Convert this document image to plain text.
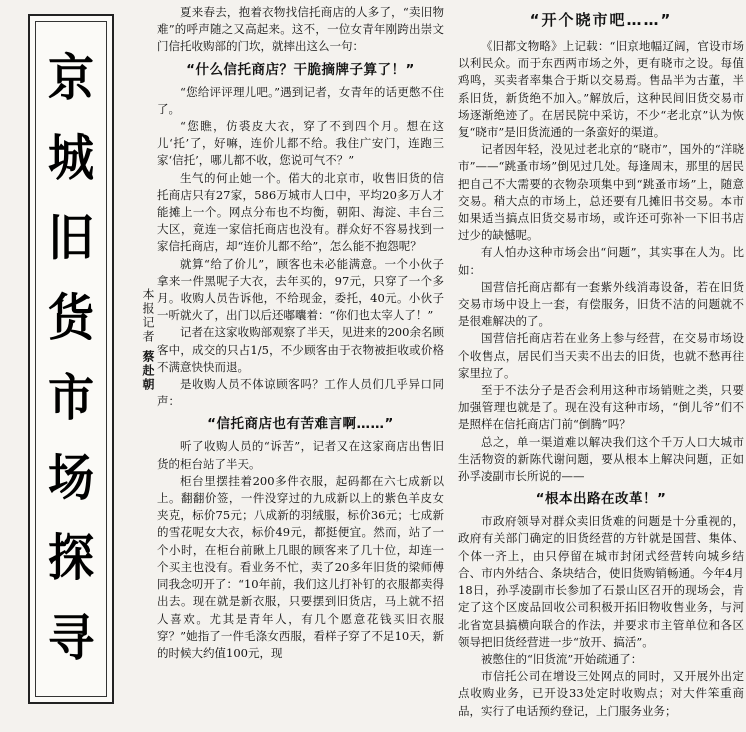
京
城
旧
货
市
场
探
寻
本报记者 蔡赴朝

夏来春去，抱着衣物找信托商店的人多了，“卖旧物难”的呼声随之又高起来。这不，一位女青年刚跨出崇文门信托收购部的门坎，就摔出这么一句：

“什么信托商店？干脆摘牌子算了！”

“您给评评理儿吧。”遇到记者，女青年的话更憋不住了。

“您瞧，仿裘皮大衣，穿了不到四个月。想在这儿‘托’了，好嘛，连价儿都不给。我住广安门，连跑三家‘信托’，哪儿都不收，您说可气不？”

生气的何止她一个。偌大的北京市，收售旧货的信托商店只有27家，586万城市人口中，平均20多万人才能摊上一个。网点分布也不均衡，朝阳、海淀、丰台三大区，竟连一家信托商店也没有。群众好不容易找到一家信托商店，却“连价儿都不给”，怎么能不抱怨呢？

就算“给了价儿”，顾客也未必能满意。一个小伙子拿来一件黑呢子大衣，去年买的，97元，只穿了一个多月。收购人员告诉他，不给现金，委托，40元。小伙子一听就火了，出门以后还嘟囔着：“你们也太宰人了！”

记者在这家收购部观察了半天，见进来的200余名顾客中，成交的只占1/5，不少顾客由于衣物被拒收或价格不满意快快而退。

是收购人员不体谅顾客吗？工作人员们几乎异口同声：

“信托商店也有苦难言啊……”

听了收购人员的“诉苦”，记者又在这家商店出售旧货的柜台站了半天。

柜台里摆挂着200多件衣服，起码都在六七成新以上。翻翻价签，一件没穿过的九成新以上的紫色羊皮女夹克，标价75元；八成新的羽绒服，标价36元；七成新的雪花呢女大衣，标价49元，都挺便宜。然而，站了一个小时，在柜台前瞅上几眼的顾客来了几十位，却连一个买主也没有。看业务不忙，卖了20多年旧货的梁师傅同我念叨开了：“10年前，我们这儿打补钉的衣服都卖得出去。现在就是新衣服，只要摆到旧货店，马上就不招人喜欢。尤其是青年人，有几个愿意花钱买旧衣服穿？”她指了一件毛涤女西服，看样子穿了不足10天，新的时候大约值100元，现

“开个晓市吧……”

《旧都文物略》上记载：“旧京地幅辽阔，官设市场以利民众。而于东西两市场之外，更有晓市之设。每值鸡鸣，买卖者率集合于斯以交易焉。售品半为古董，半系旧货，新货绝不加入。”解放后，这种民间旧货交易市场逐渐绝迹了。在居民院中采访，不少“老北京”认为恢复“晓市”是旧货流通的一条蛮好的渠道。

记者因年轻，没见过老北京的“晓市”，国外的“洋晓市”——“跳蚤市场”倒见过几处。每逢周末，那里的居民把自己不大需要的衣物杂项集中到“跳蚤市场”上，随意交易。稍大点的市场上，总还要有几摊旧书交易。本市如果适当搞点旧货交易市场，或许还可弥补一下旧书店过少的缺憾呢。

有人怕办这种市场会出“问题”，其实事在人为。比如：

国营信托商店都有一套紫外线消毒设备，若在旧货交易市场中设上一套，有偿服务，旧货不洁的问题就不是很难解决的了。

国营信托商店若在业务上参与经营，在交易市场设个收售点，居民们当天卖不出去的旧货，也就不愁再往家里拉了。

至于不法分子是否会利用这种市场销赃之类，只要加强管理也就是了。现在没有这种市场，“倒儿爷”们不是照样在信托商店门前“倒腾”吗？

总之，单一渠道难以解决我们这个千万人口大城市生活物资的新陈代谢问题，要从根本上解决问题，正如孙孚凌副市长所说的——

“根本出路在改革！”

市政府领导对群众卖旧货难的问题是十分重视的，政府有关部门确定的旧货经营的方针就是国营、集体、个体一齐上，由只停留在城市封闭式经营转向城乡结合、市内外结合、条块结合，使旧货购销畅通。今年4月18日，孙孚凌副市长参加了石景山区召开的现场会，肯定了这个区废品回收公司积极开拓旧物收售业务，与河北省宽县搞横向联合的作法，并要求市主管单位和各区领导把旧货经营进一步“放开、搞活”。

被憋住的“旧货流”开始疏通了：

市信托公司在增设三处网点的同时，又开展外出定点收购业务，已开设33处定时收购点；对大件笨重商品，实行了电话预约登记，上门服务业务；
